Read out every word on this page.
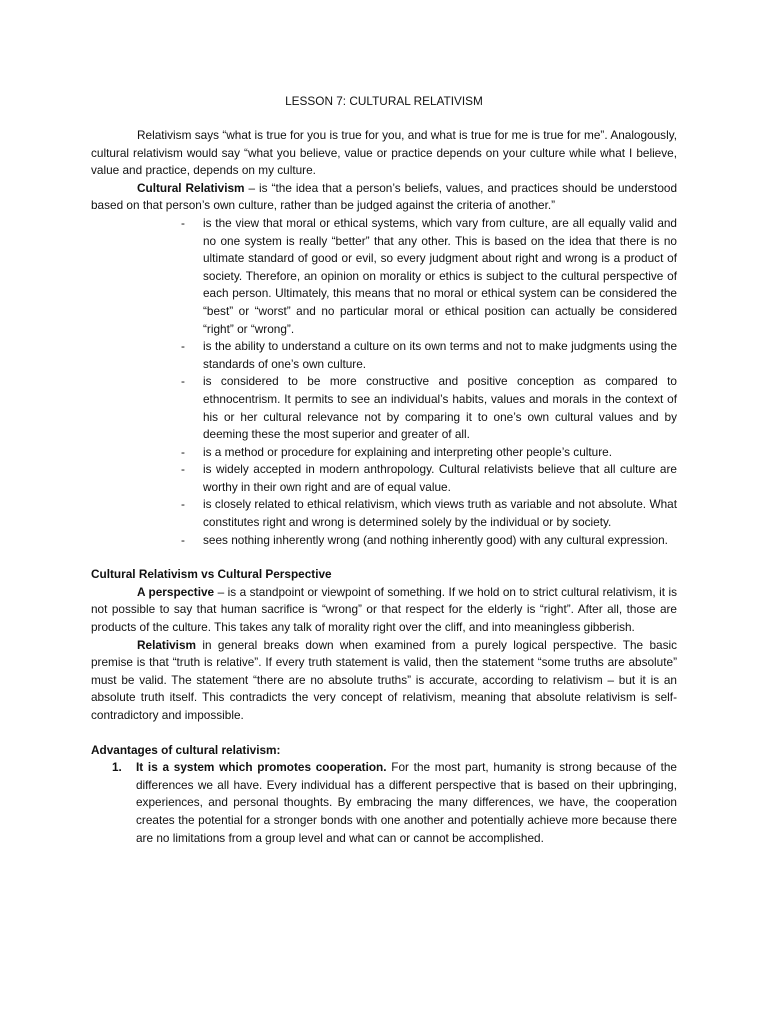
LESSON 7: CULTURAL RELATIVISM

Relativism says “what is true for you is true for you, and what is true for me is true for me”. Analogously, cultural relativism would say “what you believe, value or practice depends on your culture while what I believe, value and practice, depends on my culture.

Cultural Relativism – is “the idea that a person’s beliefs, values, and practices should be understood based on that person’s own culture, rather than be judged against the criteria of another.”

- is the view that moral or ethical systems, which vary from culture, are all equally valid and no one system is really “better” that any other. This is based on the idea that there is no ultimate standard of good or evil, so every judgment about right and wrong is a product of society. Therefore, an opinion on morality or ethics is subject to the cultural perspective of each person. Ultimately, this means that no moral or ethical system can be considered the “best” or “worst” and no particular moral or ethical position can actually be considered “right” or “wrong”.
- is the ability to understand a culture on its own terms and not to make judgments using the standards of one’s own culture.
- is considered to be more constructive and positive conception as compared to ethnocentrism. It permits to see an individual’s habits, values and morals in the context of his or her cultural relevance not by comparing it to one’s own cultural values and by deeming these the most superior and greater of all.
- is a method or procedure for explaining and interpreting other people’s culture.
- is widely accepted in modern anthropology. Cultural relativists believe that all culture are worthy in their own right and are of equal value.
- is closely related to ethical relativism, which views truth as variable and not absolute. What constitutes right and wrong is determined solely by the individual or by society.
- sees nothing inherently wrong (and nothing inherently good) with any cultural expression.

Cultural Relativism vs Cultural Perspective

A perspective – is a standpoint or viewpoint of something. If we hold on to strict cultural relativism, it is not possible to say that human sacrifice is “wrong” or that respect for the elderly is “right”. After all, those are products of the culture. This takes any talk of morality right over the cliff, and into meaningless gibberish.

Relativism in general breaks down when examined from a purely logical perspective. The basic premise is that “truth is relative”. If every truth statement is valid, then the statement “some truths are absolute” must be valid. The statement “there are no absolute truths” is accurate, according to relativism – but it is an absolute truth itself. This contradicts the very concept of relativism, meaning that absolute relativism is self-contradictory and impossible.

Advantages of cultural relativism:

1. It is a system which promotes cooperation. For the most part, humanity is strong because of the differences we all have. Every individual has a different perspective that is based on their upbringing, experiences, and personal thoughts. By embracing the many differences, we have, the cooperation creates the potential for a stronger bonds with one another and potentially achieve more because there are no limitations from a group level and what can or cannot be accomplished.
